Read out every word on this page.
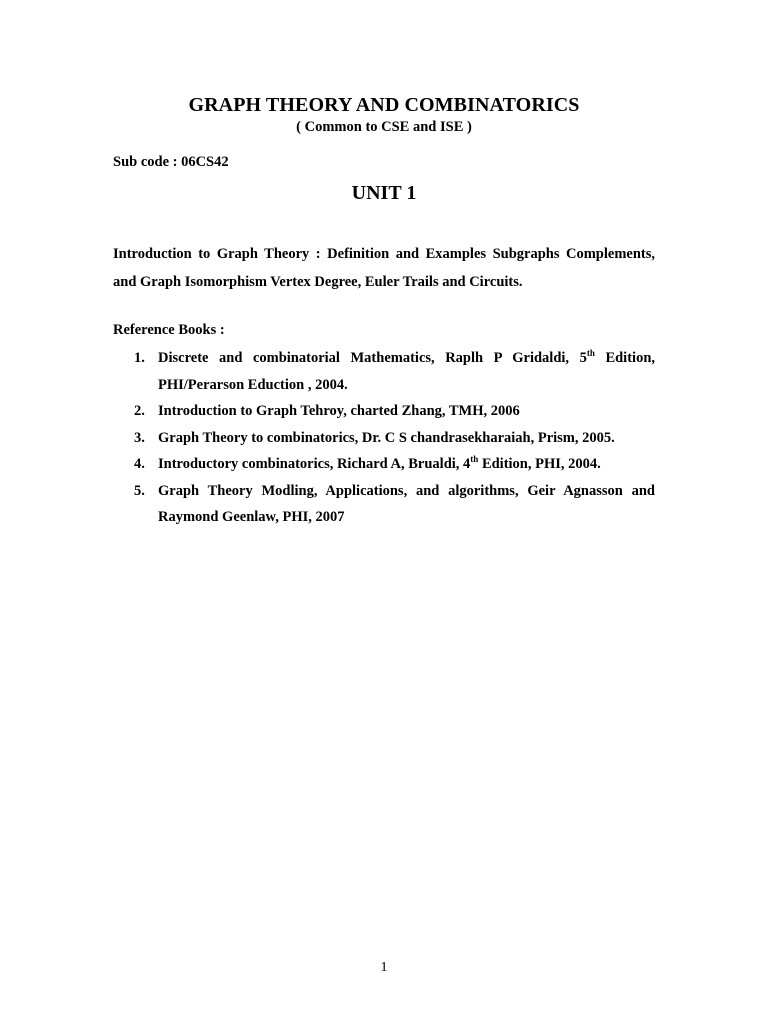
GRAPH THEORY AND COMBINATORICS
( Common to CSE and ISE )
Sub code : 06CS42
UNIT 1
Introduction to Graph Theory : Definition and Examples Subgraphs Complements, and Graph Isomorphism Vertex Degree, Euler Trails and Circuits.
Reference Books :
1. Discrete and combinatorial Mathematics, Raplh P Gridaldi, 5th Edition, PHI/Perarson Eduction , 2004.
2. Introduction to Graph Tehroy, charted Zhang, TMH, 2006
3. Graph Theory to combinatorics, Dr. C S chandrasekharaiah, Prism, 2005.
4. Introductory combinatorics, Richard A, Brualdi, 4th Edition, PHI, 2004.
5. Graph Theory Modling, Applications, and algorithms, Geir Agnasson and Raymond Geenlaw, PHI, 2007
1
